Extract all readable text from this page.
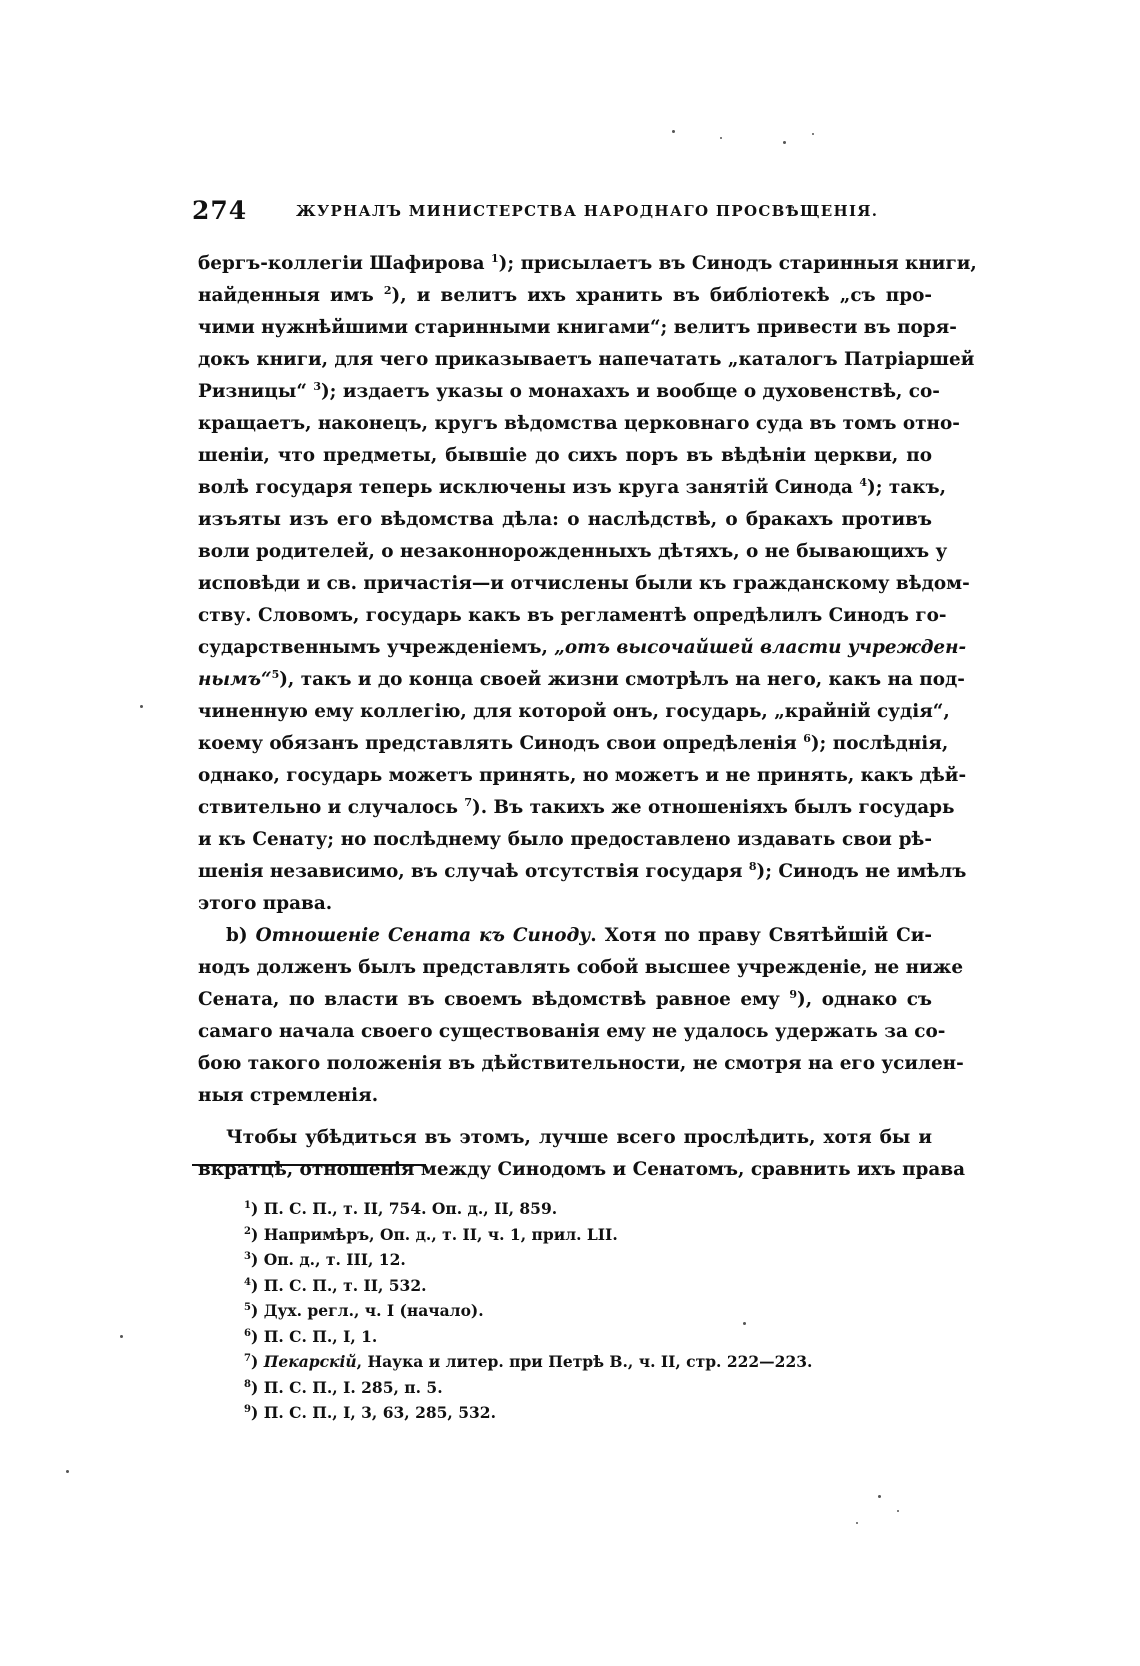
274	ЖУРНАЛЪ МИНИСТЕРСТВА НАРОДНАГО ПРОСВѢЩЕНІЯ.
бергъ-коллегіи Шафирова $^1$); присылаетъ въ Синодъ старинныя книги,
найденныя имъ $^2$), и велитъ ихъ хранить въ библіотекѣ „съ про-
чими нужнѣйшими старинными книгами“; велитъ привести въ поря-
докъ книги, для чего приказываетъ напечатать „каталогъ Патріаршей
Ризницы“ $^3$); издаетъ указы о монахахъ и вообще о духовенствѣ, со-
кращаетъ, наконецъ, кругъ вѣдомства церковнаго суда въ томъ отно-
шеніи, что предметы, бывшіе до сихъ поръ въ вѣдѣніи церкви, по
волѣ государя теперь исключены изъ круга занятій Синода $^4$); такъ,
изъяты изъ его вѣдомства дѣла: о наслѣдствѣ, о бракахъ противъ
воли родителей, о незаконнорожденныхъ дѣтяхъ, о не бывающихъ у
исповѣди и св. причастія—и отчислены были къ гражданскому вѣдом-
ству. Словомъ, государь какъ въ регламентѣ опредѣлилъ Синодъ го-
сударственнымъ учрежденіемъ, „отъ высочайшей власти учрежден-
нымъ“$^5$), такъ и до конца своей жизни смотрѣлъ на него, какъ на под-
чиненную ему коллегію, для которой онъ, государь, „крайній судія“,
коему обязанъ представлять Синодъ свои опредѣленія $^6$); послѣднія,
однако, государь можетъ принять, но можетъ и не принять, какъ дѣй-
ствительно и случалось $^7$). Въ такихъ же отношеніяхъ былъ государь
и къ Сенату; но послѣднему было предоставлено издавать свои рѣ-
шенія независимо, въ случаѣ отсутствія государя $^8$); Синодъ не имѣлъ
этого права.
b) Отношеніе Сената къ Синоду. Хотя по праву Святѣйшій Си-
нодъ долженъ былъ представлять собой высшее учрежденіе, не ниже
Сената, по власти въ своемъ вѣдомствѣ равное ему $^9$), однако съ
самаго начала своего существованія ему не удалось удержать за со-
бою такого положенія въ дѣйствительности, не смотря на его усилен-
ныя стремленія.
Чтобы убѣдиться въ этомъ, лучше всего прослѣдить, хотя бы и
вкратцѣ, отношенія между Синодомъ и Сенатомъ, сравнить ихъ права
$^1$) П. С. П., т. II, 754. Оп. д., II, 859.
$^2$) Напримѣръ, Оп. д., т. II, ч. 1, прил. LII.
$^3$) Оп. д., т. III, 12.
$^4$) П. С. П., т. II, 532.
$^5$) Дух. регл., ч. I (начало).
$^6$) П. С. П., I, 1.
$^7$) Пекарскій, Наука и литер. при Петрѣ В., ч. II, стр. 222—223.
$^8$) П. С. П., I. 285, п. 5.
$^9$) П. С. П., I, 3, 63, 285, 532.
